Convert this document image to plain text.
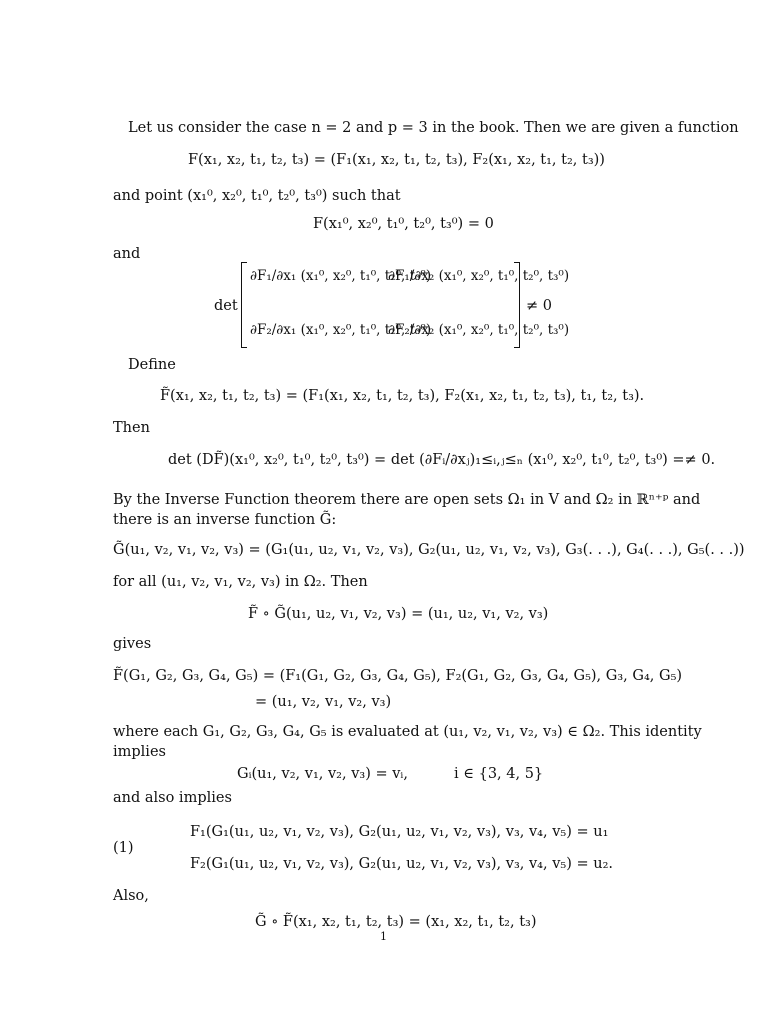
Let us consider the case n = 2 and p = 3 in the book. Then we are given a function
F(x₁, x₂, t₁, t₂, t₃) = (F₁(x₁, x₂, t₁, t₂, t₃), F₂(x₁, x₂, t₁, t₂, t₃))
and point (x₁⁰, x₂⁰, t₁⁰, t₂⁰, t₃⁰) such that
F(x₁⁰, x₂⁰, t₁⁰, t₂⁰, t₃⁰) = 0
and
det
∂F₁/∂x₁ (x₁⁰, x₂⁰, t₁⁰, t₂⁰, t₃⁰)
∂F₁/∂x₂ (x₁⁰, x₂⁰, t₁⁰, t₂⁰, t₃⁰)
∂F₂/∂x₁ (x₁⁰, x₂⁰, t₁⁰, t₂⁰, t₃⁰)
∂F₂/∂x₂ (x₁⁰, x₂⁰, t₁⁰, t₂⁰, t₃⁰)
≠ 0
Define
F̃(x₁, x₂, t₁, t₂, t₃) = (F₁(x₁, x₂, t₁, t₂, t₃), F₂(x₁, x₂, t₁, t₂, t₃), t₁, t₂, t₃).
Then
det (DF̃)(x₁⁰, x₂⁰, t₁⁰, t₂⁰, t₃⁰) = det (∂Fᵢ/∂xⱼ)₁≤ᵢ,ⱼ≤ₙ (x₁⁰, x₂⁰, t₁⁰, t₂⁰, t₃⁰) =≠ 0.
By the Inverse Function theorem there are open sets Ω₁ in V and Ω₂ in ℝⁿ⁺ᵖ and
there is an inverse function G̃:
G̃(u₁, v₂, v₁, v₂, v₃) = (G₁(u₁, u₂, v₁, v₂, v₃), G₂(u₁, u₂, v₁, v₂, v₃), G₃(. . .), G₄(. . .), G₅(. . .))
for all (u₁, v₂, v₁, v₂, v₃) in Ω₂. Then
F̃ ∘ G̃(u₁, u₂, v₁, v₂, v₃) = (u₁, u₂, v₁, v₂, v₃)
gives
F̃(G₁, G₂, G₃, G₄, G₅) = (F₁(G₁, G₂, G₃, G₄, G₅), F₂(G₁, G₂, G₃, G₄, G₅), G₃, G₄, G₅)
= (u₁, v₂, v₁, v₂, v₃)
where each G₁, G₂, G₃, G₄, G₅ is evaluated at (u₁, v₂, v₁, v₂, v₃) ∈ Ω₂. This identity
implies
Gᵢ(u₁, v₂, v₁, v₂, v₃) = vᵢ,	i ∈ {3, 4, 5}
and also implies
(1)
F₁(G₁(u₁, u₂, v₁, v₂, v₃), G₂(u₁, u₂, v₁, v₂, v₃), v₃, v₄, v₅) = u₁
F₂(G₁(u₁, u₂, v₁, v₂, v₃), G₂(u₁, u₂, v₁, v₂, v₃), v₃, v₄, v₅) = u₂.
Also,
G̃ ∘ F̃(x₁, x₂, t₁, t₂, t₃) = (x₁, x₂, t₁, t₂, t₃)
1
